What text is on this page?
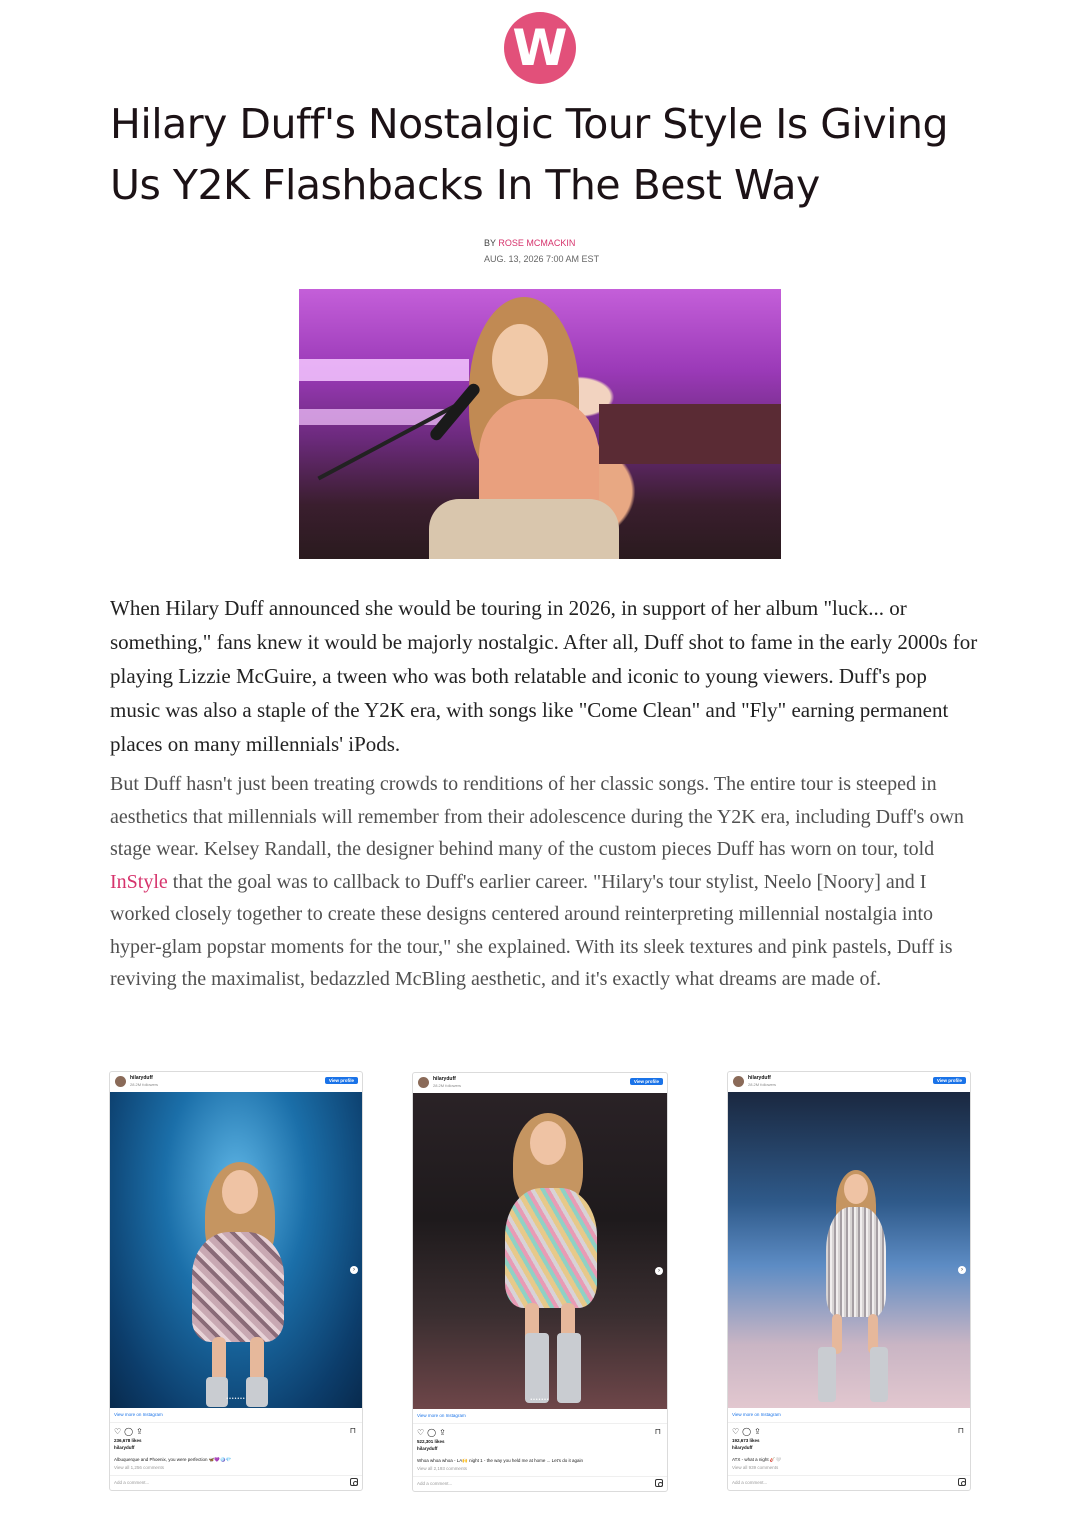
W
Hilary Duff's Nostalgic Tour Style Is Giving Us Y2K Flashbacks In The Best Way
BY ROSE MCMACKIN
AUG. 13, 2026 7:00 AM EST

When Hilary Duff announced she would be touring in 2026, in support of her album "luck... or something," fans knew it would be majorly nostalgic. After all, Duff shot to fame in the early 2000s for playing Lizzie McGuire, a tween who was both relatable and iconic to young viewers. Duff's pop music was also a staple of the Y2K era, with songs like "Come Clean" and "Fly" earning permanent places on many millennials' iPods.

But Duff hasn't just been treating crowds to renditions of her classic songs. The entire tour is steeped in aesthetics that millennials will remember from their adolescence during the Y2K era, including Duff's own stage wear. Kelsey Randall, the designer behind many of the custom pieces Duff has worn on tour, told InStyle that the goal was to callback to Duff's earlier career. "Hilary's tour stylist, Neelo [Noory] and I worked closely together to create these designs centered around reinterpreting millennial nostalgia into hyper-glam popstar moments for the tour," she explained. With its sleek textures and pink pastels, Duff is reviving the maximalist, bedazzled McBling aesthetic, and it's exactly what dreams are made of.

hilaryduff
28.2M followers
View profile
›
•••••••
View more on Instagram
♡◯⇪	⊓
236,678 likes
hilaryduff
Albuquerque and Phoenix, you were perfection 🦋💜🪩💎
View all 1,256 comments
Add a comment...
hilaryduff
28.2M followers
View profile
›
•••••••
View more on Instagram
♡◯⇪	⊓
522,301 likes
hilaryduff
Whoa whoa whoa - LA🙌 night 1 - the way you held me at home ... Let's do it again
View all 2,193 comments
Add a comment...
hilaryduff
28.2M followers
View profile
›
View more on Instagram
♡◯⇪	⊓
192,673 likes
hilaryduff
ATX - what a night 🎸🤍
View all 939 comments
Add a comment...
